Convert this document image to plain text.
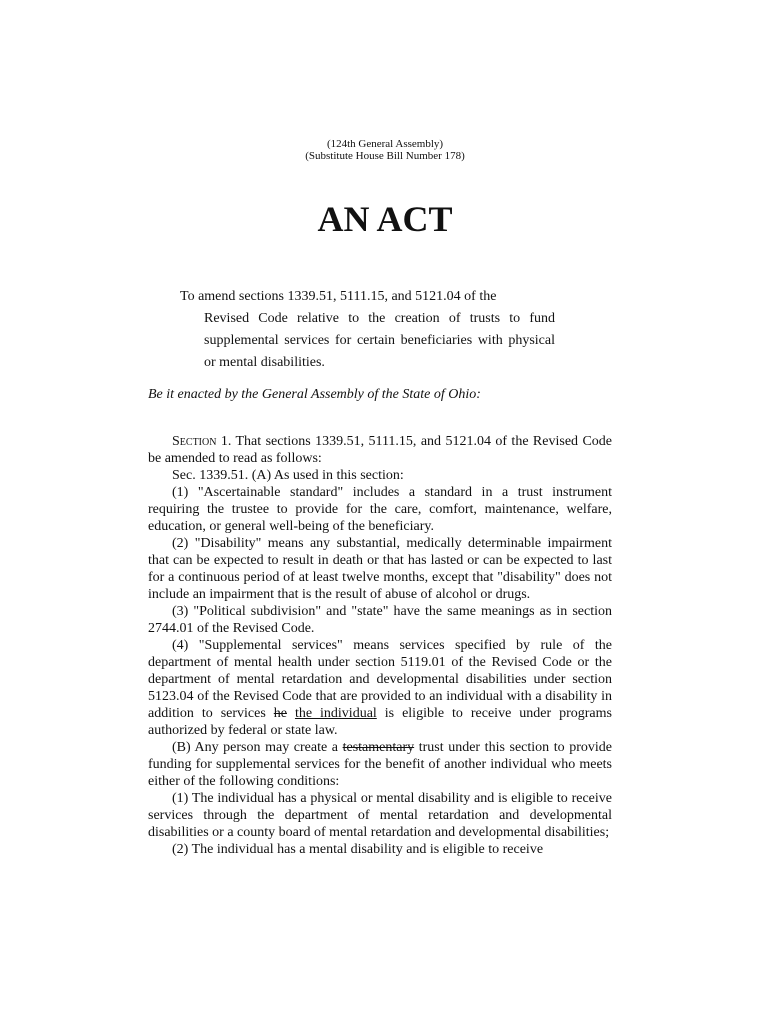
(124th General Assembly)
(Substitute House Bill Number 178)
AN ACT
To amend sections 1339.51, 5111.15, and 5121.04 of the
Revised Code relative to the creation of trusts to fund supplemental services for certain beneficiaries with physical or mental disabilities.
Be it enacted by the General Assembly of the State of Ohio:

Section 1. That sections 1339.51, 5111.15, and 5121.04 of the Revised Code be amended to read as follows:

Sec. 1339.51. (A) As used in this section:

(1) "Ascertainable standard" includes a standard in a trust instrument requiring the trustee to provide for the care, comfort, maintenance, welfare, education, or general well-being of the beneficiary.

(2) "Disability" means any substantial, medically determinable impairment that can be expected to result in death or that has lasted or can be expected to last for a continuous period of at least twelve months, except that "disability" does not include an impairment that is the result of abuse of alcohol or drugs.

(3) "Political subdivision" and "state" have the same meanings as in section 2744.01 of the Revised Code.

(4) "Supplemental services" means services specified by rule of the department of mental health under section 5119.01 of the Revised Code or the department of mental retardation and developmental disabilities under section 5123.04 of the Revised Code that are provided to an individual with a disability in addition to services he the individual is eligible to receive under programs authorized by federal or state law.

(B) Any person may create a testamentary trust under this section to provide funding for supplemental services for the benefit of another individual who meets either of the following conditions:

(1) The individual has a physical or mental disability and is eligible to receive services through the department of mental retardation and developmental disabilities or a county board of mental retardation and developmental disabilities;

(2) The individual has a mental disability and is eligible to receive
